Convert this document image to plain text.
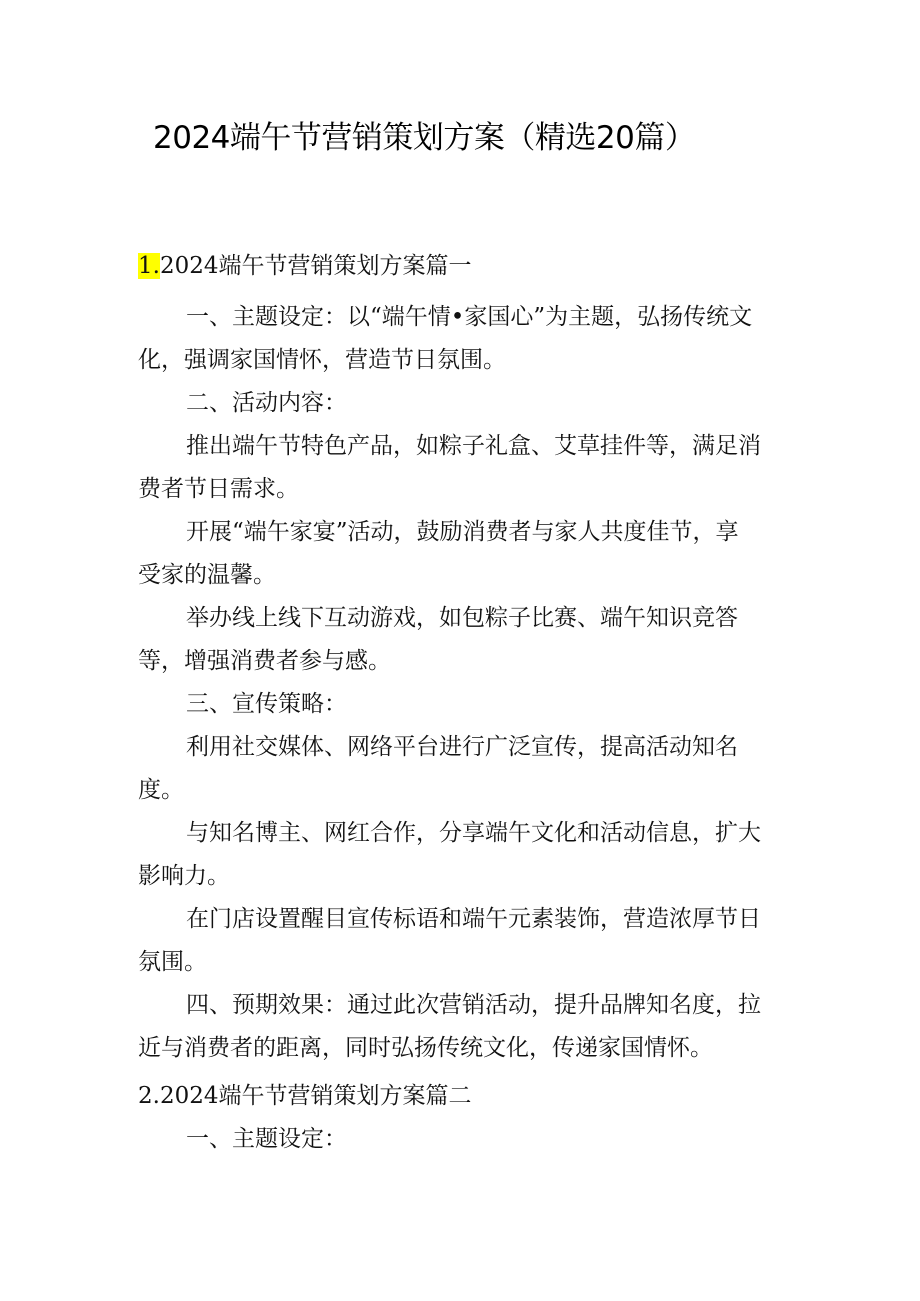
2024端午节营销策划方案（精选20篇）
1.2024端午节营销策划方案篇一
一、主题设定：以“端午情•家国心”为主题，弘扬传统文
化，强调家国情怀，营造节日氛围。
二、活动内容：
推出端午节特色产品，如粽子礼盒、艾草挂件等，满足消
费者节日需求。
开展“端午家宴”活动，鼓励消费者与家人共度佳节，享
受家的温馨。
举办线上线下互动游戏，如包粽子比赛、端午知识竞答
等，增强消费者参与感。
三、宣传策略：
利用社交媒体、网络平台进行广泛宣传，提高活动知名
度。
与知名博主、网红合作，分享端午文化和活动信息，扩大
影响力。
在门店设置醒目宣传标语和端午元素装饰，营造浓厚节日
氛围。
四、预期效果：通过此次营销活动，提升品牌知名度，拉
近与消费者的距离，同时弘扬传统文化，传递家国情怀。
2.2024端午节营销策划方案篇二
一、主题设定：
